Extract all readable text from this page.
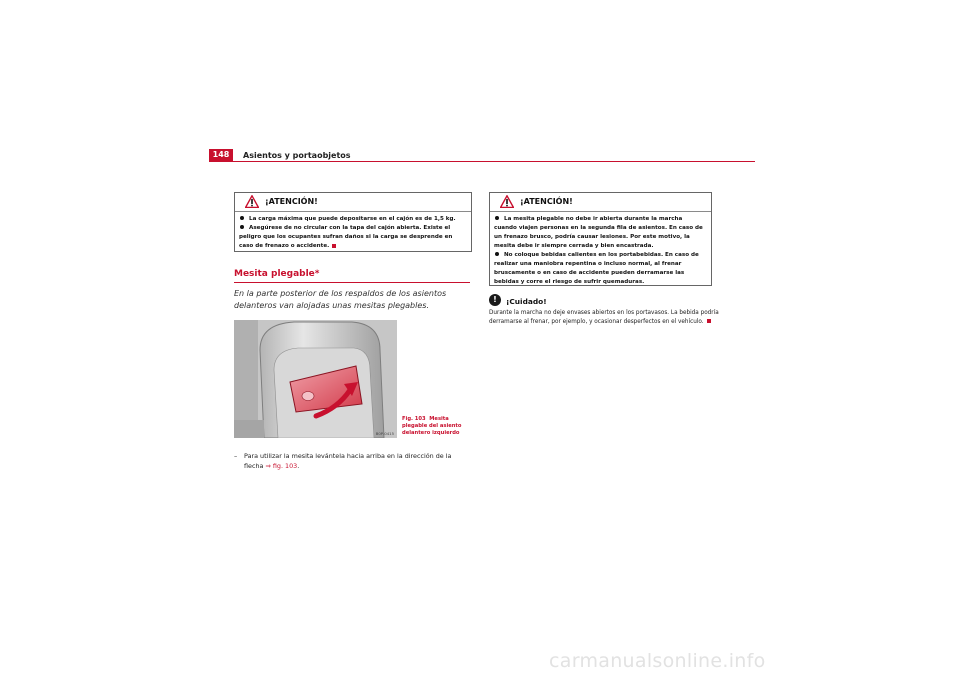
148	Asientos y portaobjetos
¡ATENCIÓN!

La carga máxima que puede depositarse en el cajón es de 1,5 kg.

Asegúrese de no circular con la tapa del cajón abierta. Existe el peligro que los ocupantes sufran daños si la carga se desprende en caso de frenazo o accidente.

Mesita plegable*
En la parte posterior de los respaldos de los asientos delanteros van alojadas unas mesitas plegables.
B0P-0415
Fig. 103 Mesita plegable del asiento delantero izquierdo
–	Para utilizar la mesita levántela hacia arriba en la dirección de la flecha ⇒ fig. 103.
¡ATENCIÓN!

La mesita plegable no debe ir abierta durante la marcha cuando viajen personas en la segunda fila de asientos. En caso de un frenazo brusco, podría causar lesiones. Por este motivo, la mesita debe ir siempre cerrada y bien encastrada.

No coloque bebidas calientes en los portabebidas. En caso de realizar una maniobra repentina o incluso normal, al frenar bruscamente o en caso de accidente pueden derramarse las bebidas y corre el riesgo de sufrir quemaduras.

!	¡Cuidado!
Durante la marcha no deje envases abiertos en los portavasos. La bebida podría derramarse al frenar, por ejemplo, y ocasionar desperfectos en el vehículo.
carmanualsonline.info
